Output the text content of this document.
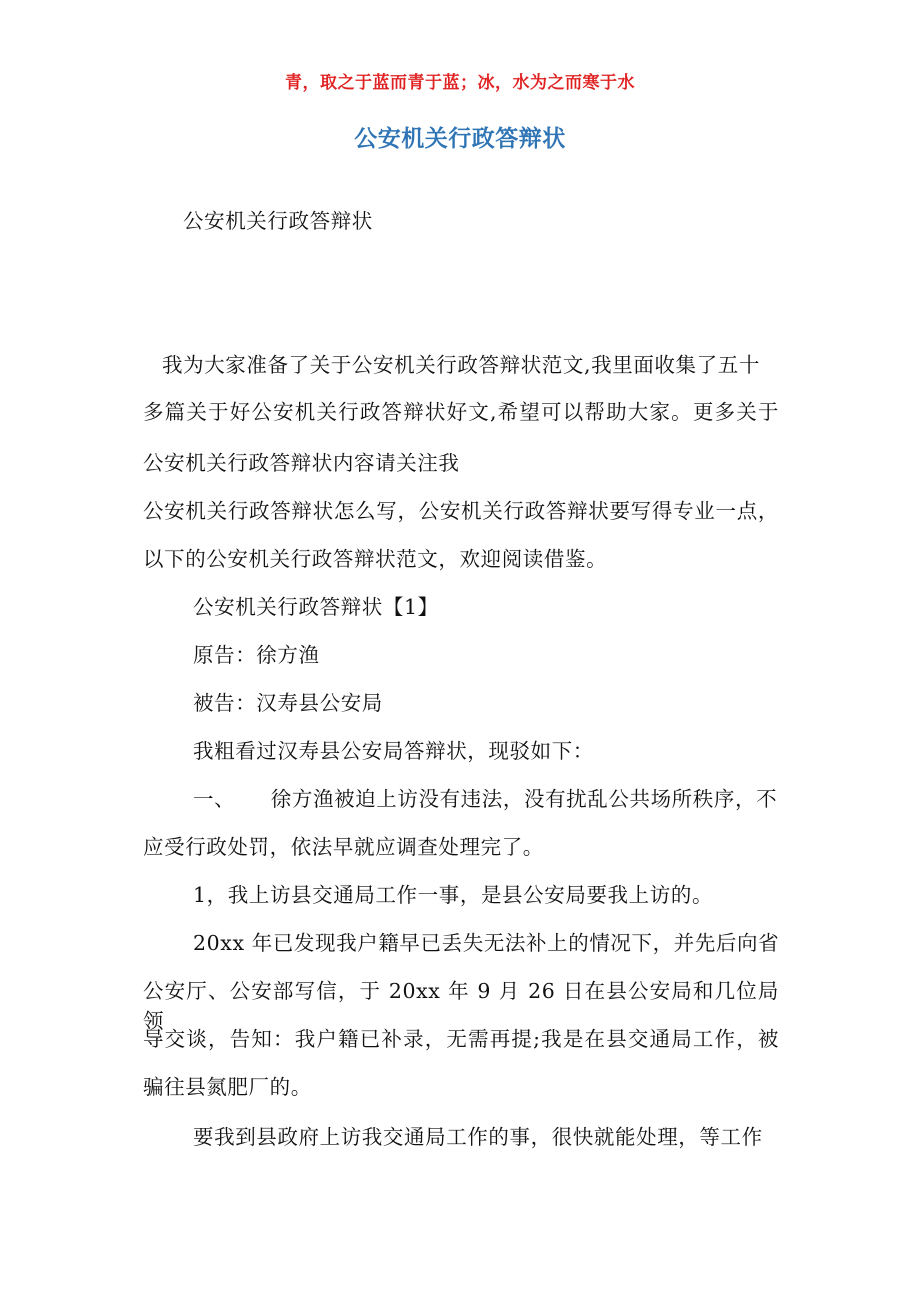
青，取之于蓝而青于蓝；冰，水为之而寒于水
公安机关行政答辩状
公安机关行政答辩状
我为大家准备了关于公安机关行政答辩状范文,我里面收集了五十
多篇关于好公安机关行政答辩状好文,希望可以帮助大家。更多关于
公安机关行政答辩状内容请关注我
公安机关行政答辩状怎么写，公安机关行政答辩状要写得专业一点，
以下的公安机关行政答辩状范文，欢迎阅读借鉴。
公安机关行政答辩状【1】
原告：徐方渔
被告：汉寿县公安局
我粗看过汉寿县公安局答辩状，现驳如下：
一、     徐方渔被迫上访没有违法，没有扰乱公共场所秩序，不
应受行政处罚，依法早就应调查处理完了。
1，我上访县交通局工作一事，是县公安局要我上访的。
20xx 年已发现我户籍早已丢失无法补上的情况下，并先后向省
公安厅、公安部写信，于 20xx 年 9 月 26 日在县公安局和几位局领
导交谈，告知：我户籍已补录，无需再提;我是在县交通局工作，被
骗往县氮肥厂的。
要我到县政府上访我交通局工作的事，很快就能处理，等工作
